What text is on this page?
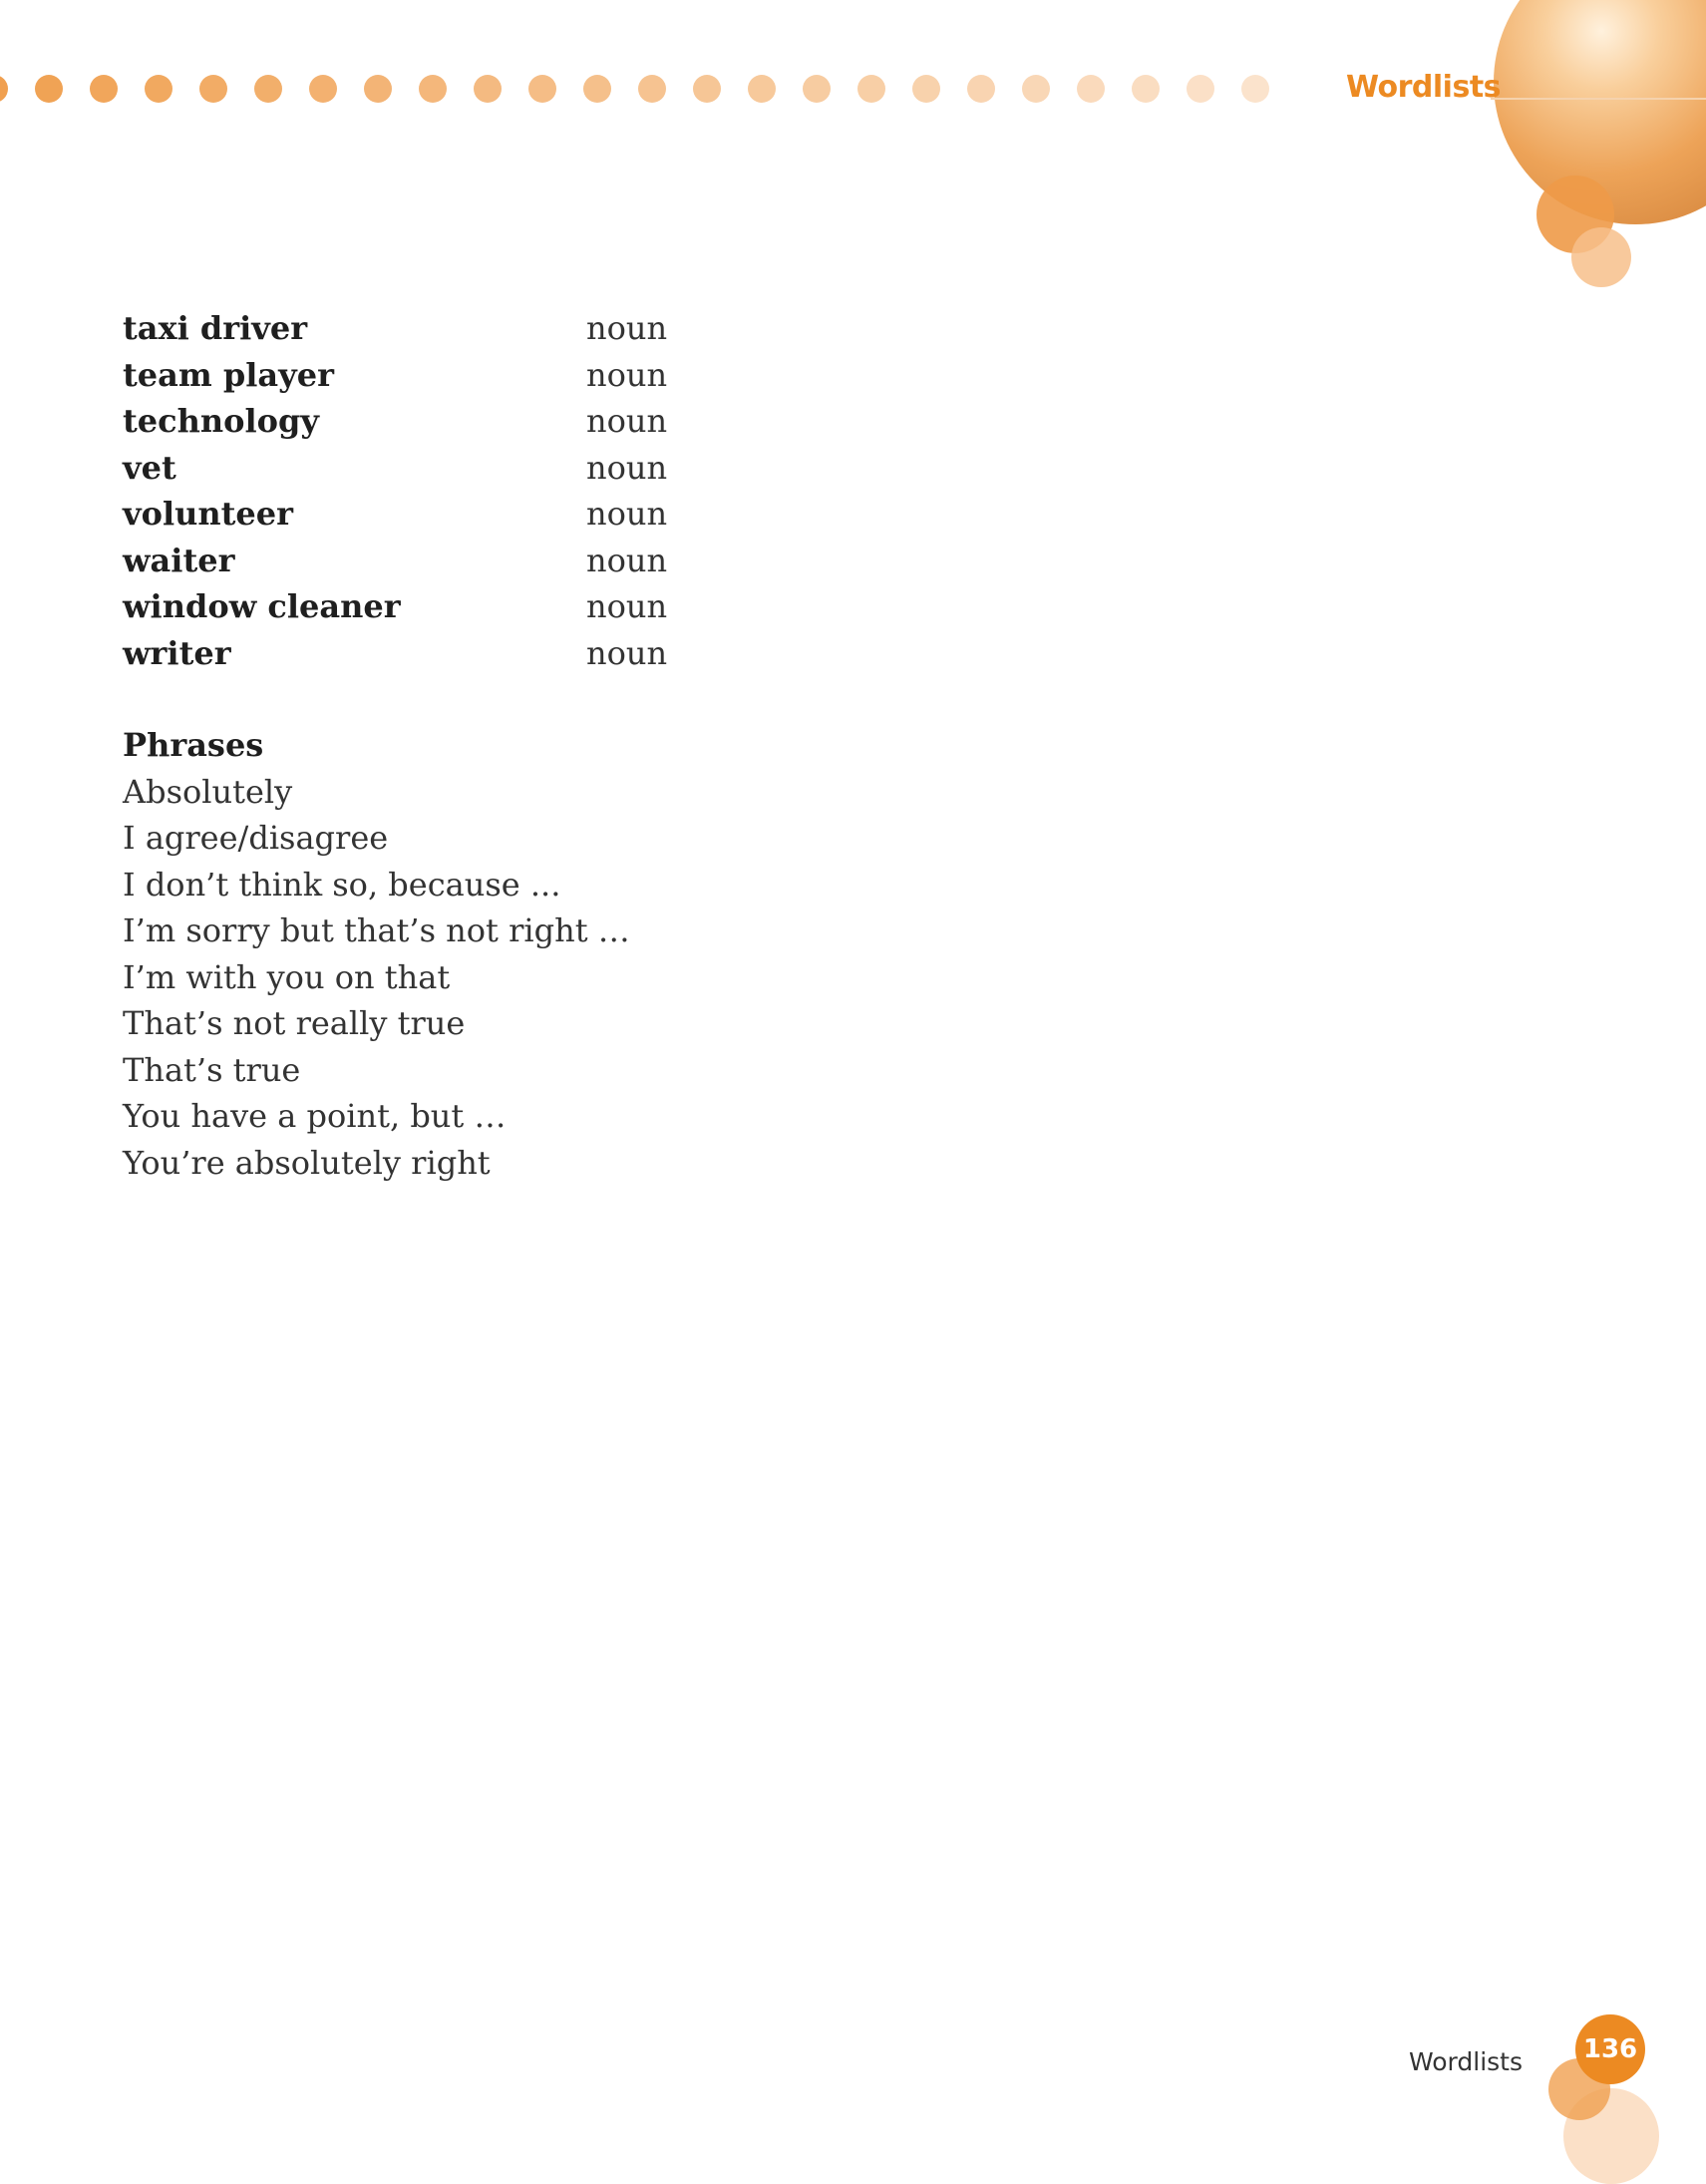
Wordlists
taxi driver	noun
team player	noun
technology	noun
vet	noun
volunteer	noun
waiter	noun
window cleaner	noun
writer	noun
Phrases
Absolutely
I agree/disagree
I don’t think so, because ...
I’m sorry but that’s not right …
I’m with you on that
That’s not really true
That’s true
You have a point, but …
You’re absolutely right
Wordlists	136
